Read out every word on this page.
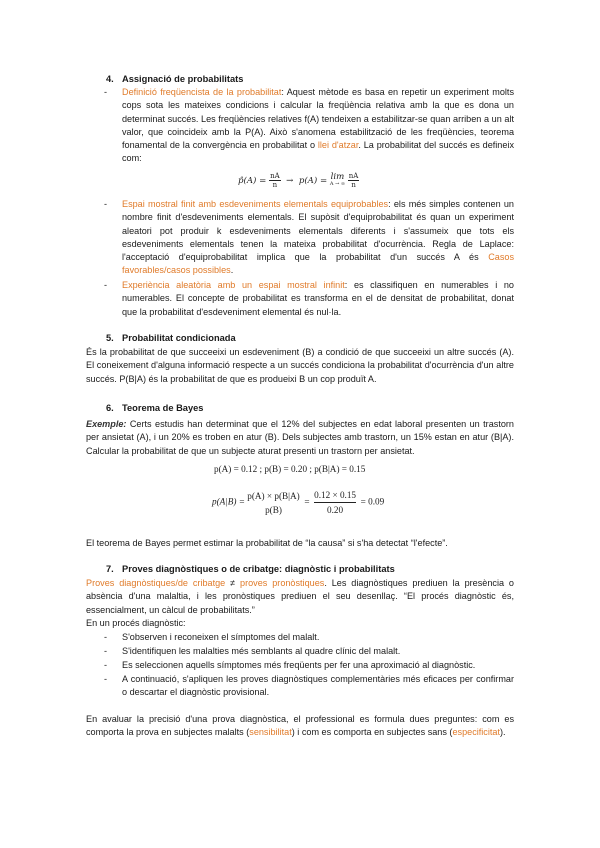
4. Assignació de probabilitats
- Definició freqüencista de la probabilitat: Aquest mètode es basa en repetir un experiment molts cops sota les mateixes condicions i calcular la freqüència relativa amb la que es dona un determinat succés. Les freqüències relatives f(A) tendeixen a estabilitzar-se quan arriben a un alt valor, que coincideix amb la P(A). Això s'anomena estabilització de les freqüències, teorema fonamental de la convergència en probabilitat o llei d'atzar. La probabilitat del succés es defineix com:
p̂(A) = $\frac{nA}{n} \to p(A) = \lim$
A → ∞
$\frac{nA}{n}$
- Espai mostral finit amb esdeveniments elementals equiprobables: els més simples contenen un nombre finit d'esdeveniments elementals. El supòsit d'equiprobabilitat és quan un experiment aleatori pot produir k esdeveniments elementals diferents i s'assumeix que tots els esdeveniments elementals tenen la mateixa probabilitat d'ocurrència. Regla de Laplace: l'acceptació d'equiprobabilitat implica que la probabilitat d'un succés A és Casos favorables/casos possibles.
- Experiència aleatòria amb un espai mostral infinit: es classifiquen en numerables i no numerables. El concepte de probabilitat es transforma en el de densitat de probabilitat, donat que la probabilitat d'esdeveniment elemental és nul·la.
5. Probabilitat condicionada
És la probabilitat de que succeeixi un esdeveniment (B) a condició de que succeeixi un altre succés (A). El coneixement d'alguna informació respecte a un succés condiciona la probabilitat d'ocurrència d'un altre succés. P(B|A) és la probabilitat de que es produeixi B un cop produït A.
6. Teorema de Bayes
Exemple: Certs estudis han determinat que el 12% del subjectes en edat laboral presenten un trastorn per ansietat (A), i un 20% es troben en atur (B). Dels subjectes amb trastorn, un 15% estan en atur (B|A). Calcular la probabilitat de que un subjecte aturat presenti un trastorn per ansietat.
p(A) = 0.12 ; p(B) = 0.20 ; p(B|A) = 0.15
p(A|B) =
p(A) × p(B|A)
p(B)
= $\frac{0.12 \times 0.15}{0.20} = 0.09$
El teorema de Bayes permet estimar la probabilitat de “la causa” si s'ha detectat “l'efecte”.
7. Proves diagnòstiques o de cribatge: diagnòstic i probabilitats
Proves diagnòstiques/de cribatge ≠ proves pronòstiques. Les diagnòstiques prediuen la presència o absència d'una malaltia, i les pronòstiques prediuen el seu desenllaç. “El procés diagnòstic és, essencialment, un càlcul de probabilitats.”
En un procés diagnòstic:
- S'observen i reconeixen el símptomes del malalt.
- S'identifiquen les malalties més semblants al quadre clínic del malalt.
- Es seleccionen aquells símptomes més freqüents per fer una aproximació al diagnòstic.
- A continuació, s'apliquen les proves diagnòstiques complementàries més eficaces per confirmar o descartar el diagnòstic provisional.
En avaluar la precisió d'una prova diagnòstica, el professional es formula dues preguntes: com es comporta la prova en subjectes malalts (sensibilitat) i com es comporta en subjectes sans (especificitat).
